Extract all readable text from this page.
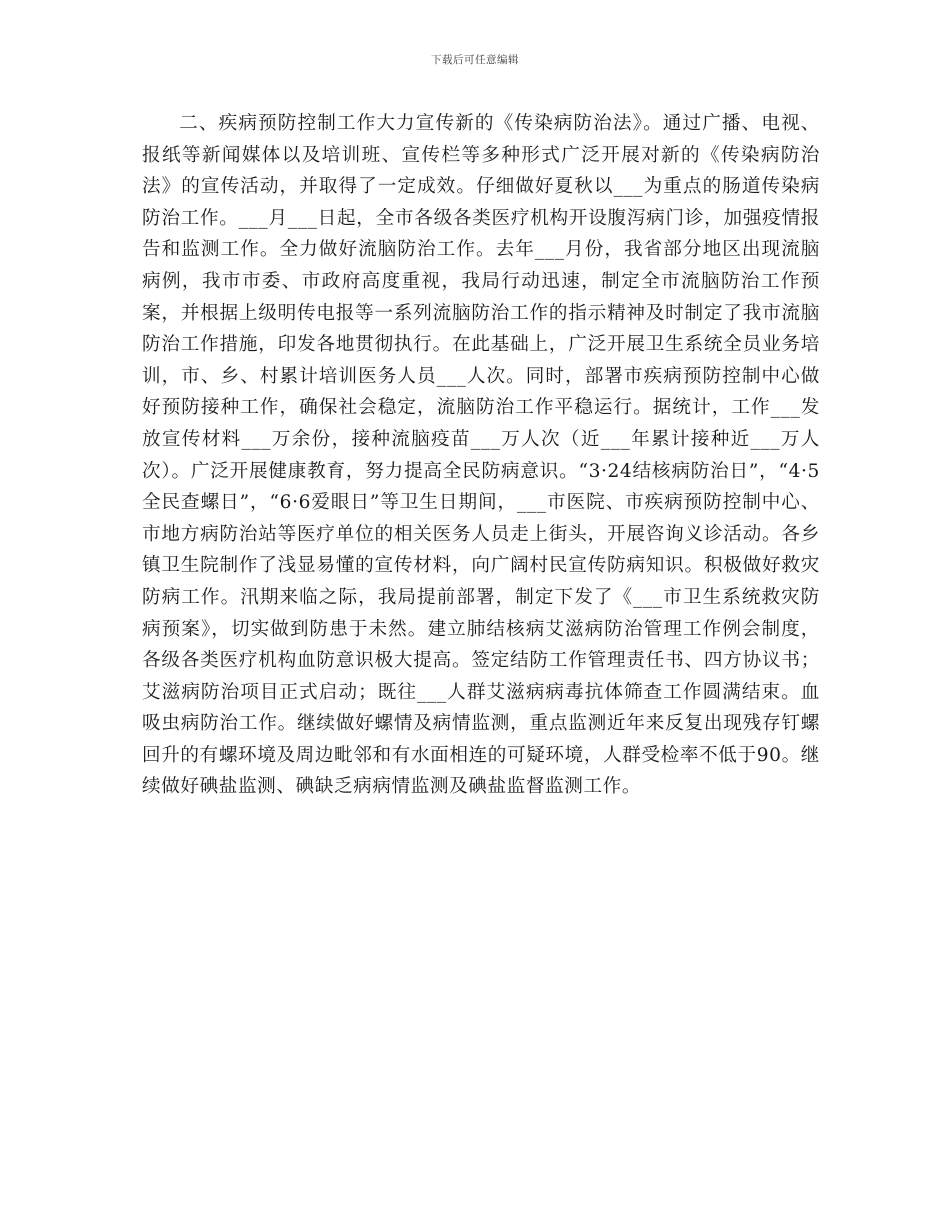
下载后可任意编辑

二、疾病预防控制工作大力宣传新的《传染病防治法》。通过广播、电视、报纸等新闻媒体以及培训班、宣传栏等多种形式广泛开展对新的《传染病防治法》的宣传活动，并取得了一定成效。仔细做好夏秋以___为重点的肠道传染病防治工作。___月___日起，全市各级各类医疗机构开设腹泻病门诊，加强疫情报告和监测工作。全力做好流脑防治工作。去年___月份，我省部分地区出现流脑病例，我市市委、市政府高度重视，我局行动迅速，制定全市流脑防治工作预案，并根据上级明传电报等一系列流脑防治工作的指示精神及时制定了我市流脑防治工作措施，印发各地贯彻执行。在此基础上，广泛开展卫生系统全员业务培训，市、乡、村累计培训医务人员___人次。同时，部署市疾病预防控制中心做好预防接种工作，确保社会稳定，流脑防治工作平稳运行。据统计，工作___发放宣传材料___万余份，接种流脑疫苗___万人次（近___年累计接种近___万人次）。广泛开展健康教育，努力提高全民防病意识。“3·24结核病防治日”，“4·5全民查螺日”，“6·6爱眼日”等卫生日期间，___市医院、市疾病预防控制中心、市地方病防治站等医疗单位的相关医务人员走上街头，开展咨询义诊活动。各乡镇卫生院制作了浅显易懂的宣传材料，向广阔村民宣传防病知识。积极做好救灾防病工作。汛期来临之际，我局提前部署，制定下发了《___市卫生系统救灾防病预案》，切实做到防患于未然。建立肺结核病艾滋病防治管理工作例会制度，各级各类医疗机构血防意识极大提高。签定结防工作管理责任书、四方协议书；艾滋病防治项目正式启动；既往___人群艾滋病病毒抗体筛查工作圆满结束。血吸虫病防治工作。继续做好螺情及病情监测，重点监测近年来反复出现残存钉螺回升的有螺环境及周边毗邻和有水面相连的可疑环境，人群受检率不低于90。继续做好碘盐监测、碘缺乏病病情监测及碘盐监督监测工作。
